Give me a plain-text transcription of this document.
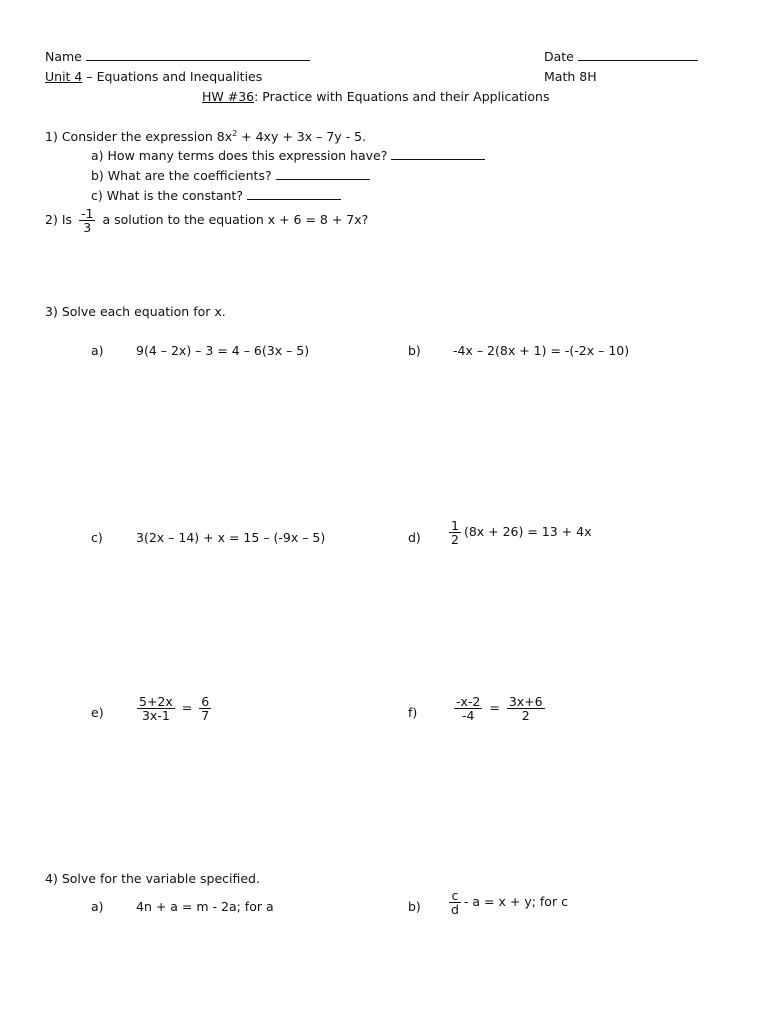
Name	Date
Unit 4 – Equations and Inequalities	Math 8H
HW #36: Practice with Equations and their Applications
1) Consider the expression $8x^2 + 4xy + 3x - 7y - 5$.
a) How many terms does this expression have?
b) What are the coefficients?
c) What is the constant?
2) Is $\frac{-1}{3}$ a solution to the equation x + 6 = 8 + 7x?
3) Solve each equation for x.
a)	9(4 – 2x) – 3 = 4 – 6(3x – 5)	b)	-4x – 2(8x + 1) = -(-2x – 10)
c)	3(2x – 14) + x = 15 – (-9x – 5)	$d) \frac{1}{2} (8x + 26) = 13 + 4x$
e)	$\frac{5+2x}{3x-1} = \frac{6}{7}$	f)	$\frac{-x-2}{-4} = \frac{3x+6}{2}$
4) Solve for the variable specified.
a)	4n + a = m - 2a; for a	$b) \frac{c}{d} - a = x + y$; for c
